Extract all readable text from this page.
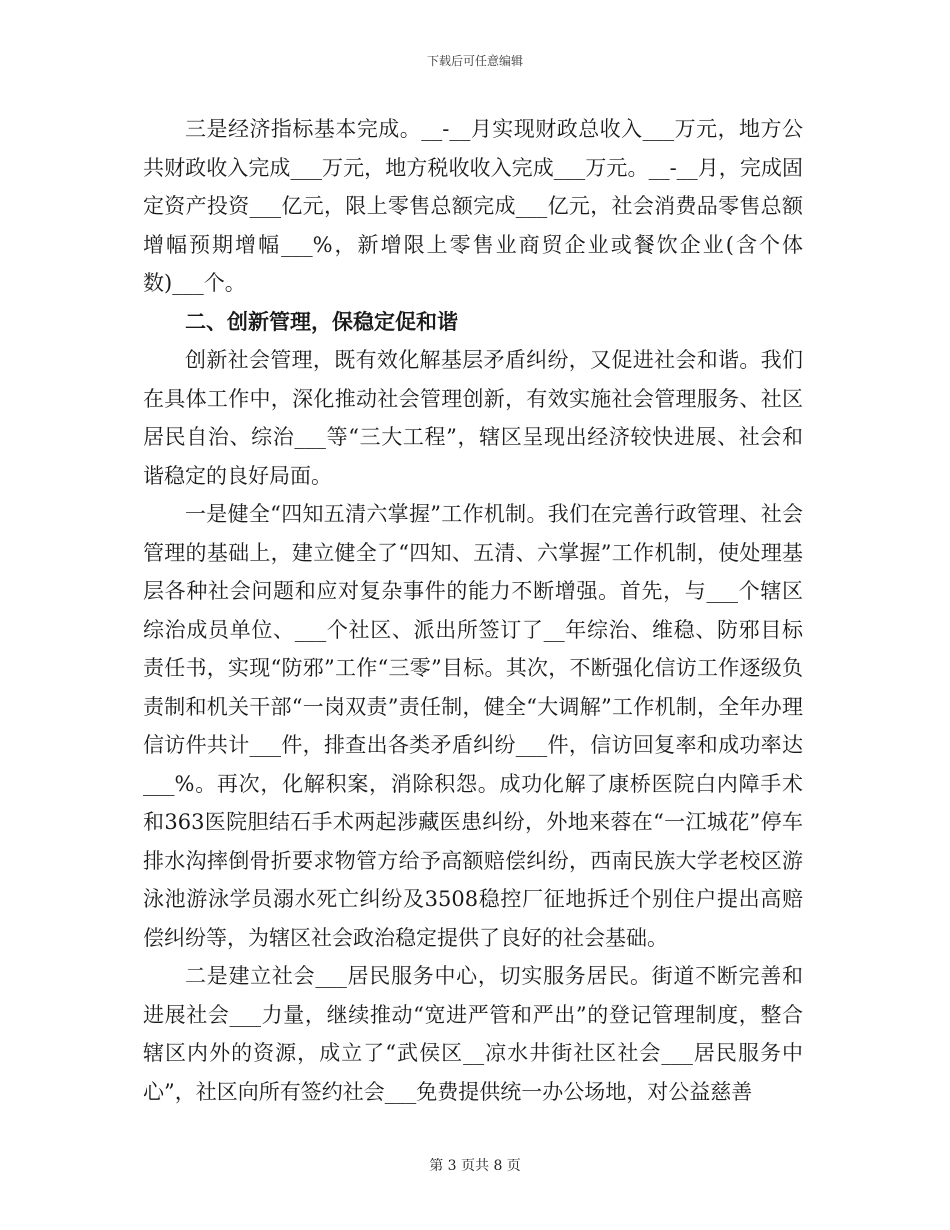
下载后可任意编辑

三是经济指标基本完成。__-__月实现财政总收入___万元，地方公共财政收入完成___万元，地方税收收入完成___万元。__-__月，完成固定资产投资___亿元，限上零售总额完成___亿元，社会消费品零售总额增幅预期增幅___%，新增限上零售业商贸企业或餐饮企业(含个体数)___个。

二、创新管理，保稳定促和谐

创新社会管理，既有效化解基层矛盾纠纷，又促进社会和谐。我们在具体工作中，深化推动社会管理创新，有效实施社会管理服务、社区居民自治、综治___等“三大工程”，辖区呈现出经济较快进展、社会和谐稳定的良好局面。

一是健全“四知五清六掌握”工作机制。我们在完善行政管理、社会管理的基础上，建立健全了“四知、五清、六掌握”工作机制，使处理基层各种社会问题和应对复杂事件的能力不断增强。首先，与___个辖区综治成员单位、___个社区、派出所签订了__年综治、维稳、防邪目标责任书，实现“防邪”工作“三零”目标。其次，不断强化信访工作逐级负责制和机关干部“一岗双责”责任制，健全“大调解”工作机制，全年办理信访件共计___件，排查出各类矛盾纠纷___件，信访回复率和成功率达___%。再次，化解积案，消除积怨。成功化解了康桥医院白内障手术和363医院胆结石手术两起涉藏医患纠纷，外地来蓉在“一江城花”停车排水沟摔倒骨折要求物管方给予高额赔偿纠纷，西南民族大学老校区游泳池游泳学员溺水死亡纠纷及3508稳控厂征地拆迁个别住户提出高赔偿纠纷等，为辖区社会政治稳定提供了良好的社会基础。

二是建立社会___居民服务中心，切实服务居民。街道不断完善和进展社会___力量，继续推动“宽进严管和严出”的登记管理制度，整合辖区内外的资源，成立了“武侯区__凉水井街社区社会___居民服务中心”，社区向所有签约社会___免费提供统一办公场地，对公益慈善

第 3 页共 8 页
